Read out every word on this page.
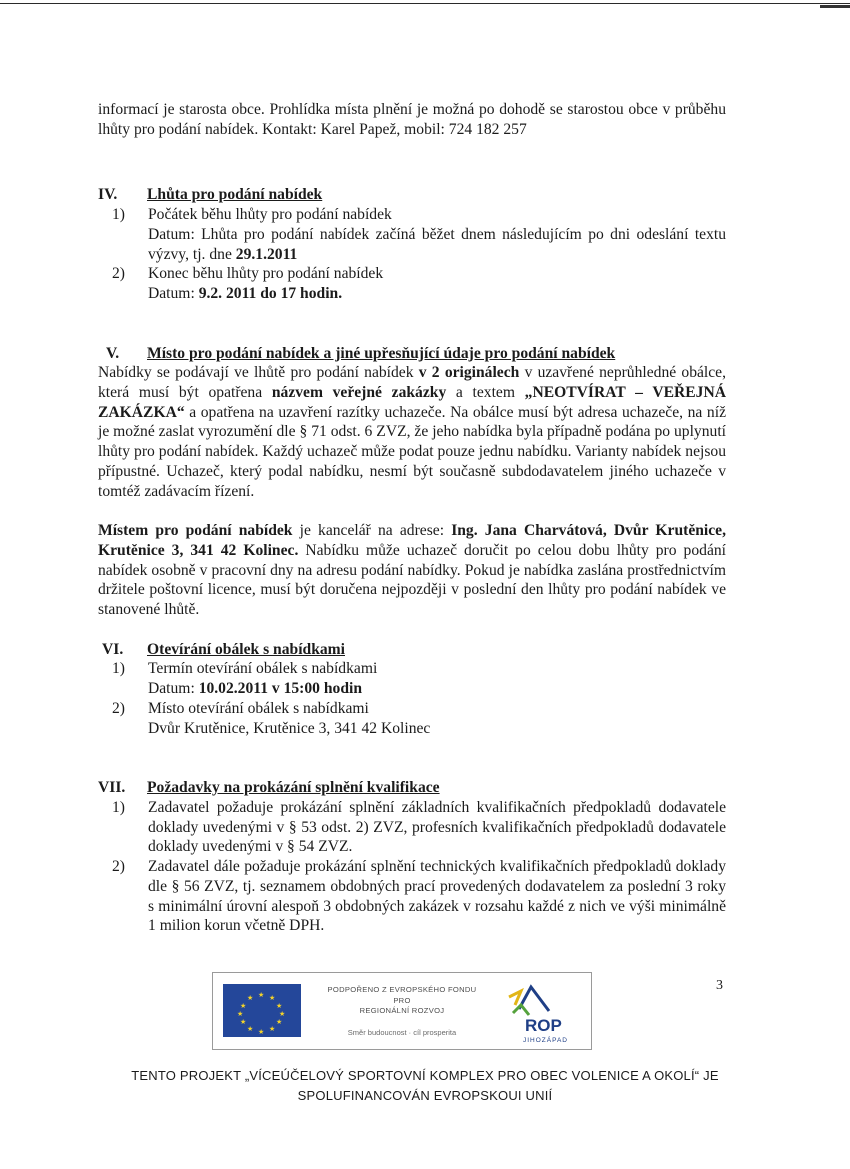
informací je starosta obce. Prohlídka místa plnění je možná po dohodě se starostou obce v průběhu lhůty pro podání nabídek. Kontakt: Karel Papež, mobil: 724 182 257

IV.	Lhůta pro podání nabídek
1)	Počátek běhu lhůty pro podání nabídek

Datum: Lhůta pro podání nabídek začíná běžet dnem následujícím po dni odeslání textu výzvy, tj. dne 29.1.2011

2)	Konec běhu lhůty pro podání nabídek

Datum: 9.2. 2011 do 17 hodin.

V.	Místo pro podání nabídek a jiné upřesňující údaje pro podání nabídek

Nabídky se podávají ve lhůtě pro podání nabídek v 2 originálech v uzavřené neprůhledné obálce, která musí být opatřena názvem veřejné zakázky a textem „NEOTVÍRAT – VEŘEJNÁ ZAKÁZKA“ a opatřena na uzavření razítky uchazeče. Na obálce musí být adresa uchazeče, na níž je možné zaslat vyrozumění dle § 71 odst. 6 ZVZ, že jeho nabídka byla případně podána po uplynutí lhůty pro podání nabídek. Každý uchazeč může podat pouze jednu nabídku. Varianty nabídek nejsou přípustné. Uchazeč, který podal nabídku, nesmí být současně subdodavatelem jiného uchazeče v tomtéž zadávacím řízení.

Místem pro podání nabídek je kancelář na adrese: Ing. Jana Charvátová, Dvůr Krutěnice, Krutěnice 3, 341 42 Kolinec. Nabídku může uchazeč doručit po celou dobu lhůty pro podání nabídek osobně v pracovní dny na adresu podání nabídky. Pokud je nabídka zaslána prostřednictvím držitele poštovní licence, musí být doručena nejpozději v poslední den lhůty pro podání nabídek ve stanovené lhůtě.

VI.	Otevírání obálek s nabídkami
1)	Termín otevírání obálek s nabídkami

Datum: 10.02.2011 v 15:00 hodin

2)	Místo otevírání obálek s nabídkami

Dvůr Krutěnice, Krutěnice 3, 341 42 Kolinec

VII.	Požadavky na prokázání splnění kvalifikace
1)	Zadavatel požaduje prokázání splnění základních kvalifikačních předpokladů dodavatele doklady uvedenými v § 53 odst. 2) ZVZ, profesních kvalifikačních předpokladů dodavatele doklady uvedenými v § 54 ZVZ.
2)	Zadavatel dále požaduje prokázání splnění technických kvalifikačních předpokladů doklady dle § 56 ZVZ, tj. seznamem obdobných prací provedených dodavatelem za poslední 3 roky s minimální úrovní alespoň 3 obdobných zakázek v rozsahu každé z nich ve výši minimálně 1 milion korun včetně DPH.
★ ★
★
★
★
★
★
★
★
★
★
★
PODPOŘENO Z EVROPSKÉHO FONDU
PRO
REGIONÁLNÍ ROZVOJ
Směr budoucnost · cíl prosperita	ROP
JIHOZÁPAD
3
TENTO PROJEKT „VÍCEÚČELOVÝ SPORTOVNÍ KOMPLEX PRO OBEC VOLENICE A OKOLÍ“ JE
SPOLUFINANCOVÁN EVROPSKOUI UNIÍ
